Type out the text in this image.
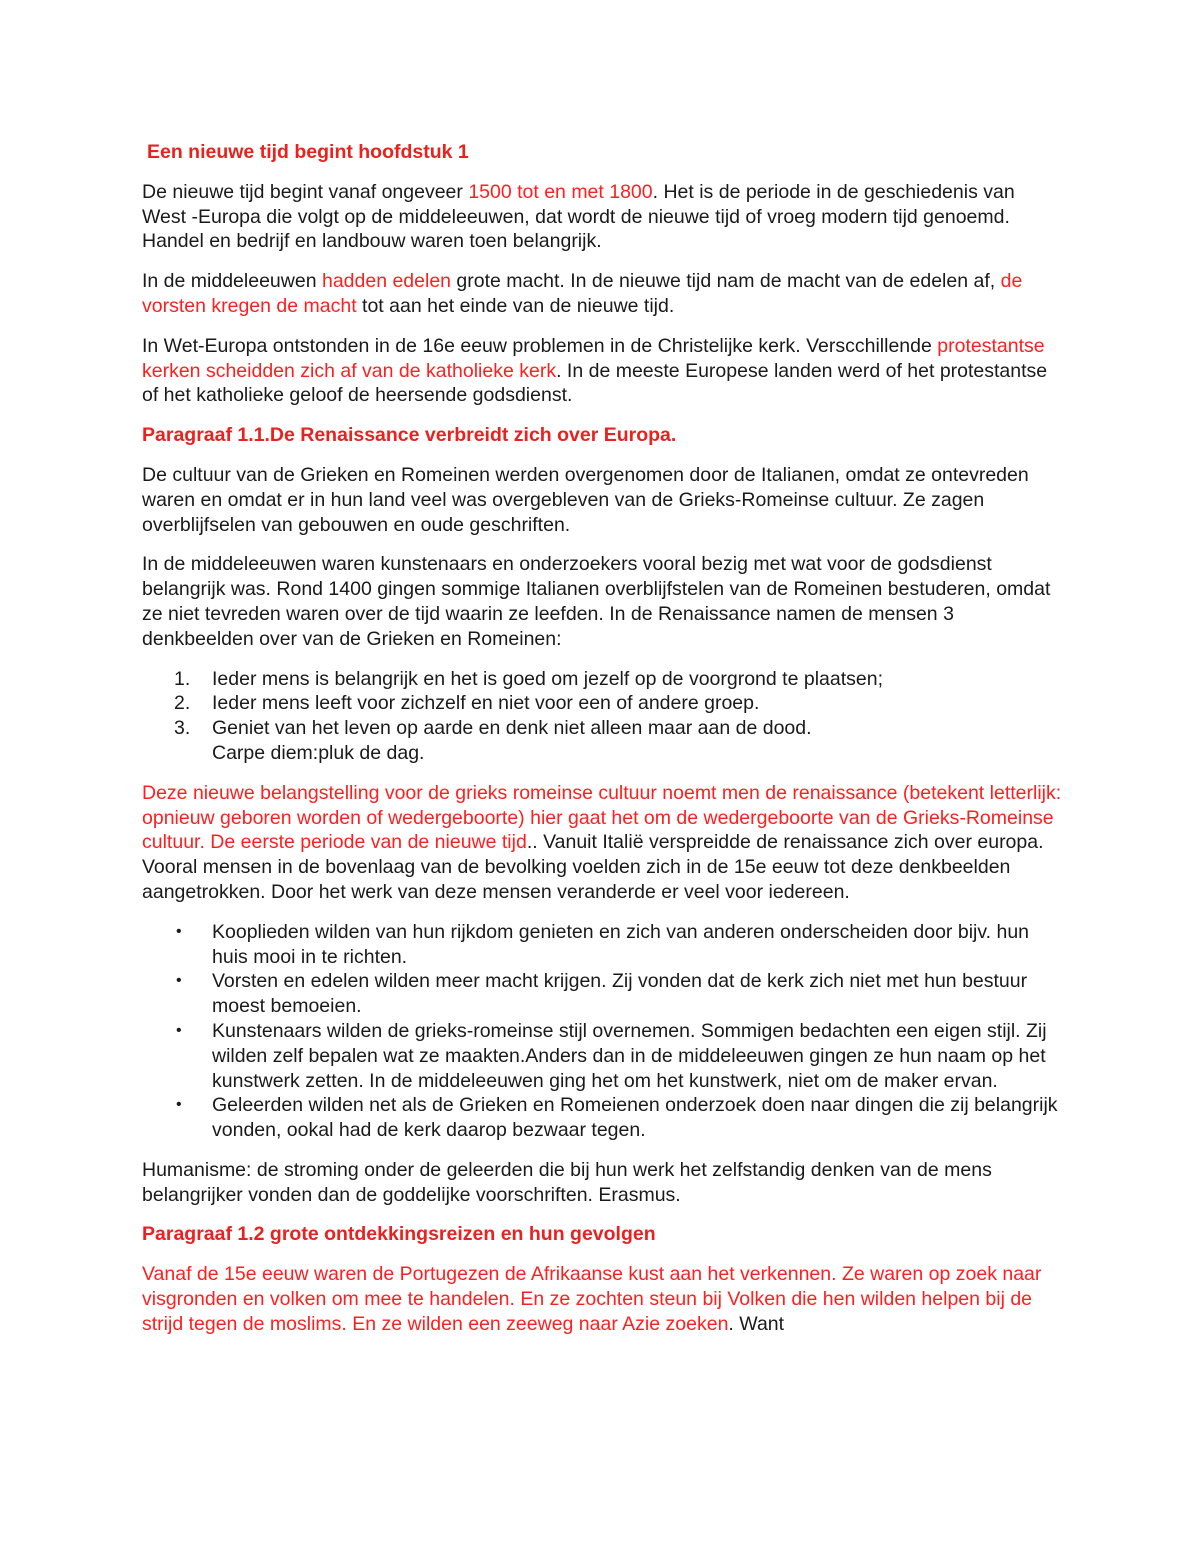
Een nieuwe tijd begint hoofdstuk 1

De nieuwe tijd begint vanaf ongeveer 1500 tot en met 1800. Het is de periode in de geschiedenis van West -Europa die volgt op de middeleeuwen, dat wordt de nieuwe tijd of vroeg modern tijd genoemd. Handel en bedrijf en landbouw waren toen belangrijk.

In de middeleeuwen hadden edelen grote macht. In de nieuwe tijd nam de macht van de edelen af, de vorsten kregen de macht tot aan het einde van de nieuwe tijd.

In Wet-Europa ontstonden in de 16e eeuw problemen in de Christelijke kerk. Verscchillende protestantse kerken scheidden zich af van de katholieke kerk. In de meeste Europese landen werd of het protestantse of het katholieke geloof de heersende godsdienst.

Paragraaf 1.1.De Renaissance verbreidt zich over Europa.

De cultuur van de Grieken en Romeinen werden overgenomen door de Italianen, omdat ze ontevreden waren en omdat er in hun land veel was overgebleven van de Grieks-Romeinse cultuur. Ze zagen overblijfselen van gebouwen en oude geschriften.

In de middeleeuwen waren kunstenaars en onderzoekers vooral bezig met wat voor de godsdienst belangrijk was. Rond 1400 gingen sommige Italianen overblijfstelen van de Romeinen bestuderen, omdat ze niet tevreden waren over de tijd waarin ze leefden. In de Renaissance namen de mensen 3 denkbeelden over van de Grieken en Romeinen:

1. Ieder mens is belangrijk en het is goed om jezelf op de voorgrond te plaatsen;
2. Ieder mens leeft voor zichzelf en niet voor een of andere groep.
3. Geniet van het leven op aarde en denk niet alleen maar aan de dood.
Carpe diem:pluk de dag.

Deze nieuwe belangstelling voor de grieks romeinse cultuur noemt men de renaissance (betekent letterlijk: opnieuw geboren worden of wedergeboorte) hier gaat het om de wedergeboorte van de Grieks-Romeinse cultuur. De eerste periode van de nieuwe tijd.. Vanuit Italië verspreidde de renaissance zich over europa. Vooral mensen in de bovenlaag van de bevolking voelden zich in de 15e eeuw tot deze denkbeelden aangetrokken. Door het werk van deze mensen veranderde er veel voor iedereen.

• Kooplieden wilden van hun rijkdom genieten en zich van anderen onderscheiden door bijv. hun huis mooi in te richten.
• Vorsten en edelen wilden meer macht krijgen. Zij vonden dat de kerk zich niet met hun bestuur moest bemoeien.
• Kunstenaars wilden de grieks-romeinse stijl overnemen. Sommigen bedachten een eigen stijl. Zij wilden zelf bepalen wat ze maakten.Anders dan in de middeleeuwen gingen ze hun naam op het kunstwerk zetten. In de middeleeuwen ging het om het kunstwerk, niet om de maker ervan.
• Geleerden wilden net als de Grieken en Romeienen onderzoek doen naar dingen die zij belangrijk vonden, ookal had de kerk daarop bezwaar tegen.

Humanisme: de stroming onder de geleerden die bij hun werk het zelfstandig denken van de mens belangrijker vonden dan de goddelijke voorschriften. Erasmus.

Paragraaf 1.2 grote ontdekkingsreizen en hun gevolgen

Vanaf de 15e eeuw waren de Portugezen de Afrikaanse kust aan het verkennen. Ze waren op zoek naar visgronden en volken om mee te handelen. En ze zochten steun bij Volken die hen wilden helpen bij de strijd tegen de moslims. En ze wilden een zeeweg naar Azie zoeken. Want
